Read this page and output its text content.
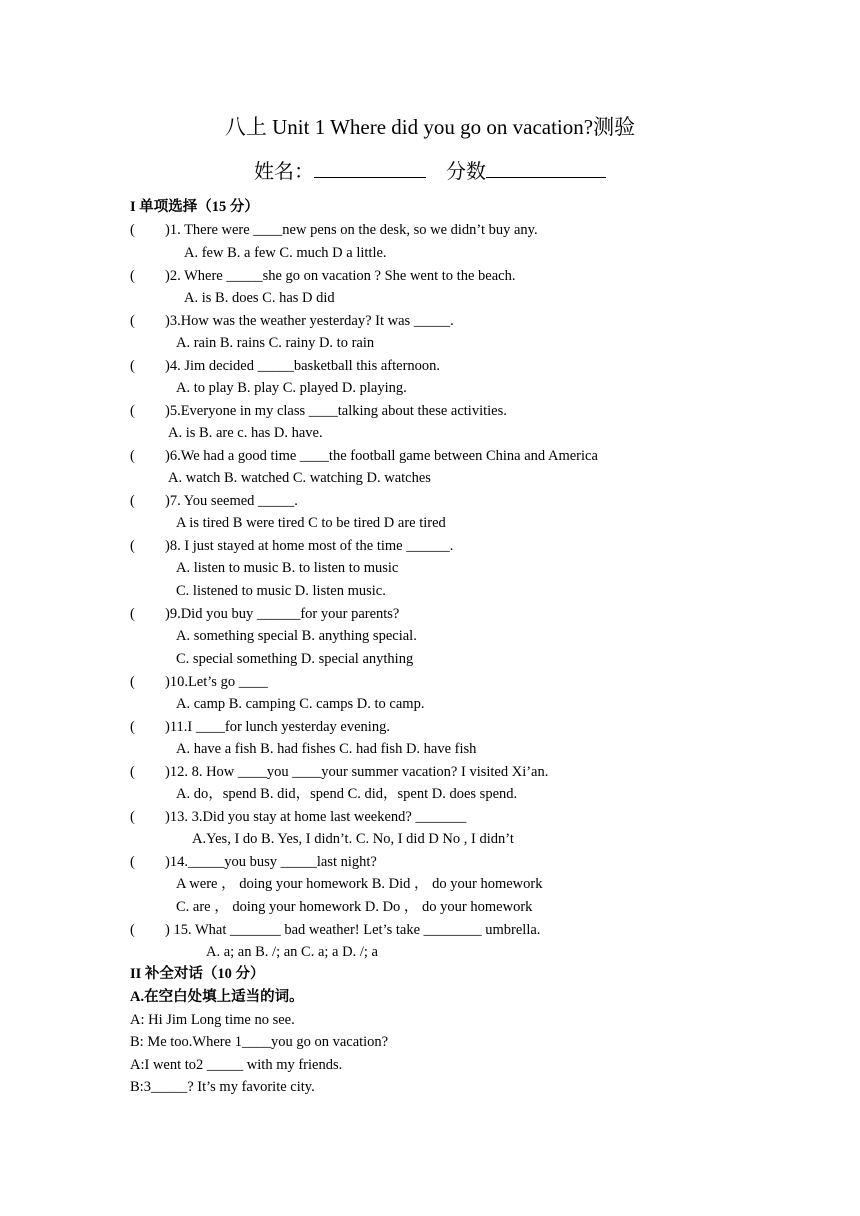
八上 Unit 1 Where did you go on vacation?测验
姓名：	分数
I 单项选择（15 分）
( )1. There were ____new pens on the desk, so we didn’t buy any.
A. few B. a few C. much D a little.
( )2. Where _____she go on vacation ? She went to the beach.
A. is B. does C. has D did
( )3.How was the weather yesterday? It was _____.
A. rain B. rains C. rainy D. to rain
( )4. Jim decided _____basketball this afternoon.
A. to play B. play C. played D. playing.
( )5.Everyone in my class ____talking about these activities.
A. is B. are c. has D. have.
( )6.We had a good time ____the football game between China and America
A. watch B. watched C. watching D. watches
( )7. You seemed _____.
A is tired B were tired C to be tired D are tired
( )8. I just stayed at home most of the time ______.
A. listen to music B. to listen to music
C. listened to music D. listen music.
( )9.Did you buy ______for your parents?
A. something special B. anything special.
C. special something D. special anything
( )10.Let’s go ____
A. camp B. camping C. camps D. to camp.
( )11.I ____for lunch yesterday evening.
A. have a fish B. had fishes C. had fish D. have fish
( )12. 8. How ____you ____your summer vacation? I visited Xi’an.
A. do，spend B. did，spend C. did，spent D. does spend.
( )13. 3.Did you stay at home last weekend? _______
A.Yes, I do B. Yes, I didn’t. C. No, I did D No , I didn’t
( )14._____you busy _____last night?
A were ， doing your homework B. Did ， do your homework
C. are ， doing your homework D. Do ， do your homework
( ) 15. What _______ bad weather! Let’s take ________ umbrella.
A. a; an B. /; an C. a; a D. /; a
II 补全对话（10 分）
A.在空白处填上适当的词。
A: Hi Jim Long time no see.
B: Me too.Where 1____you go on vacation?
A:I went to2 _____ with my friends.
B:3_____? It’s my favorite city.
